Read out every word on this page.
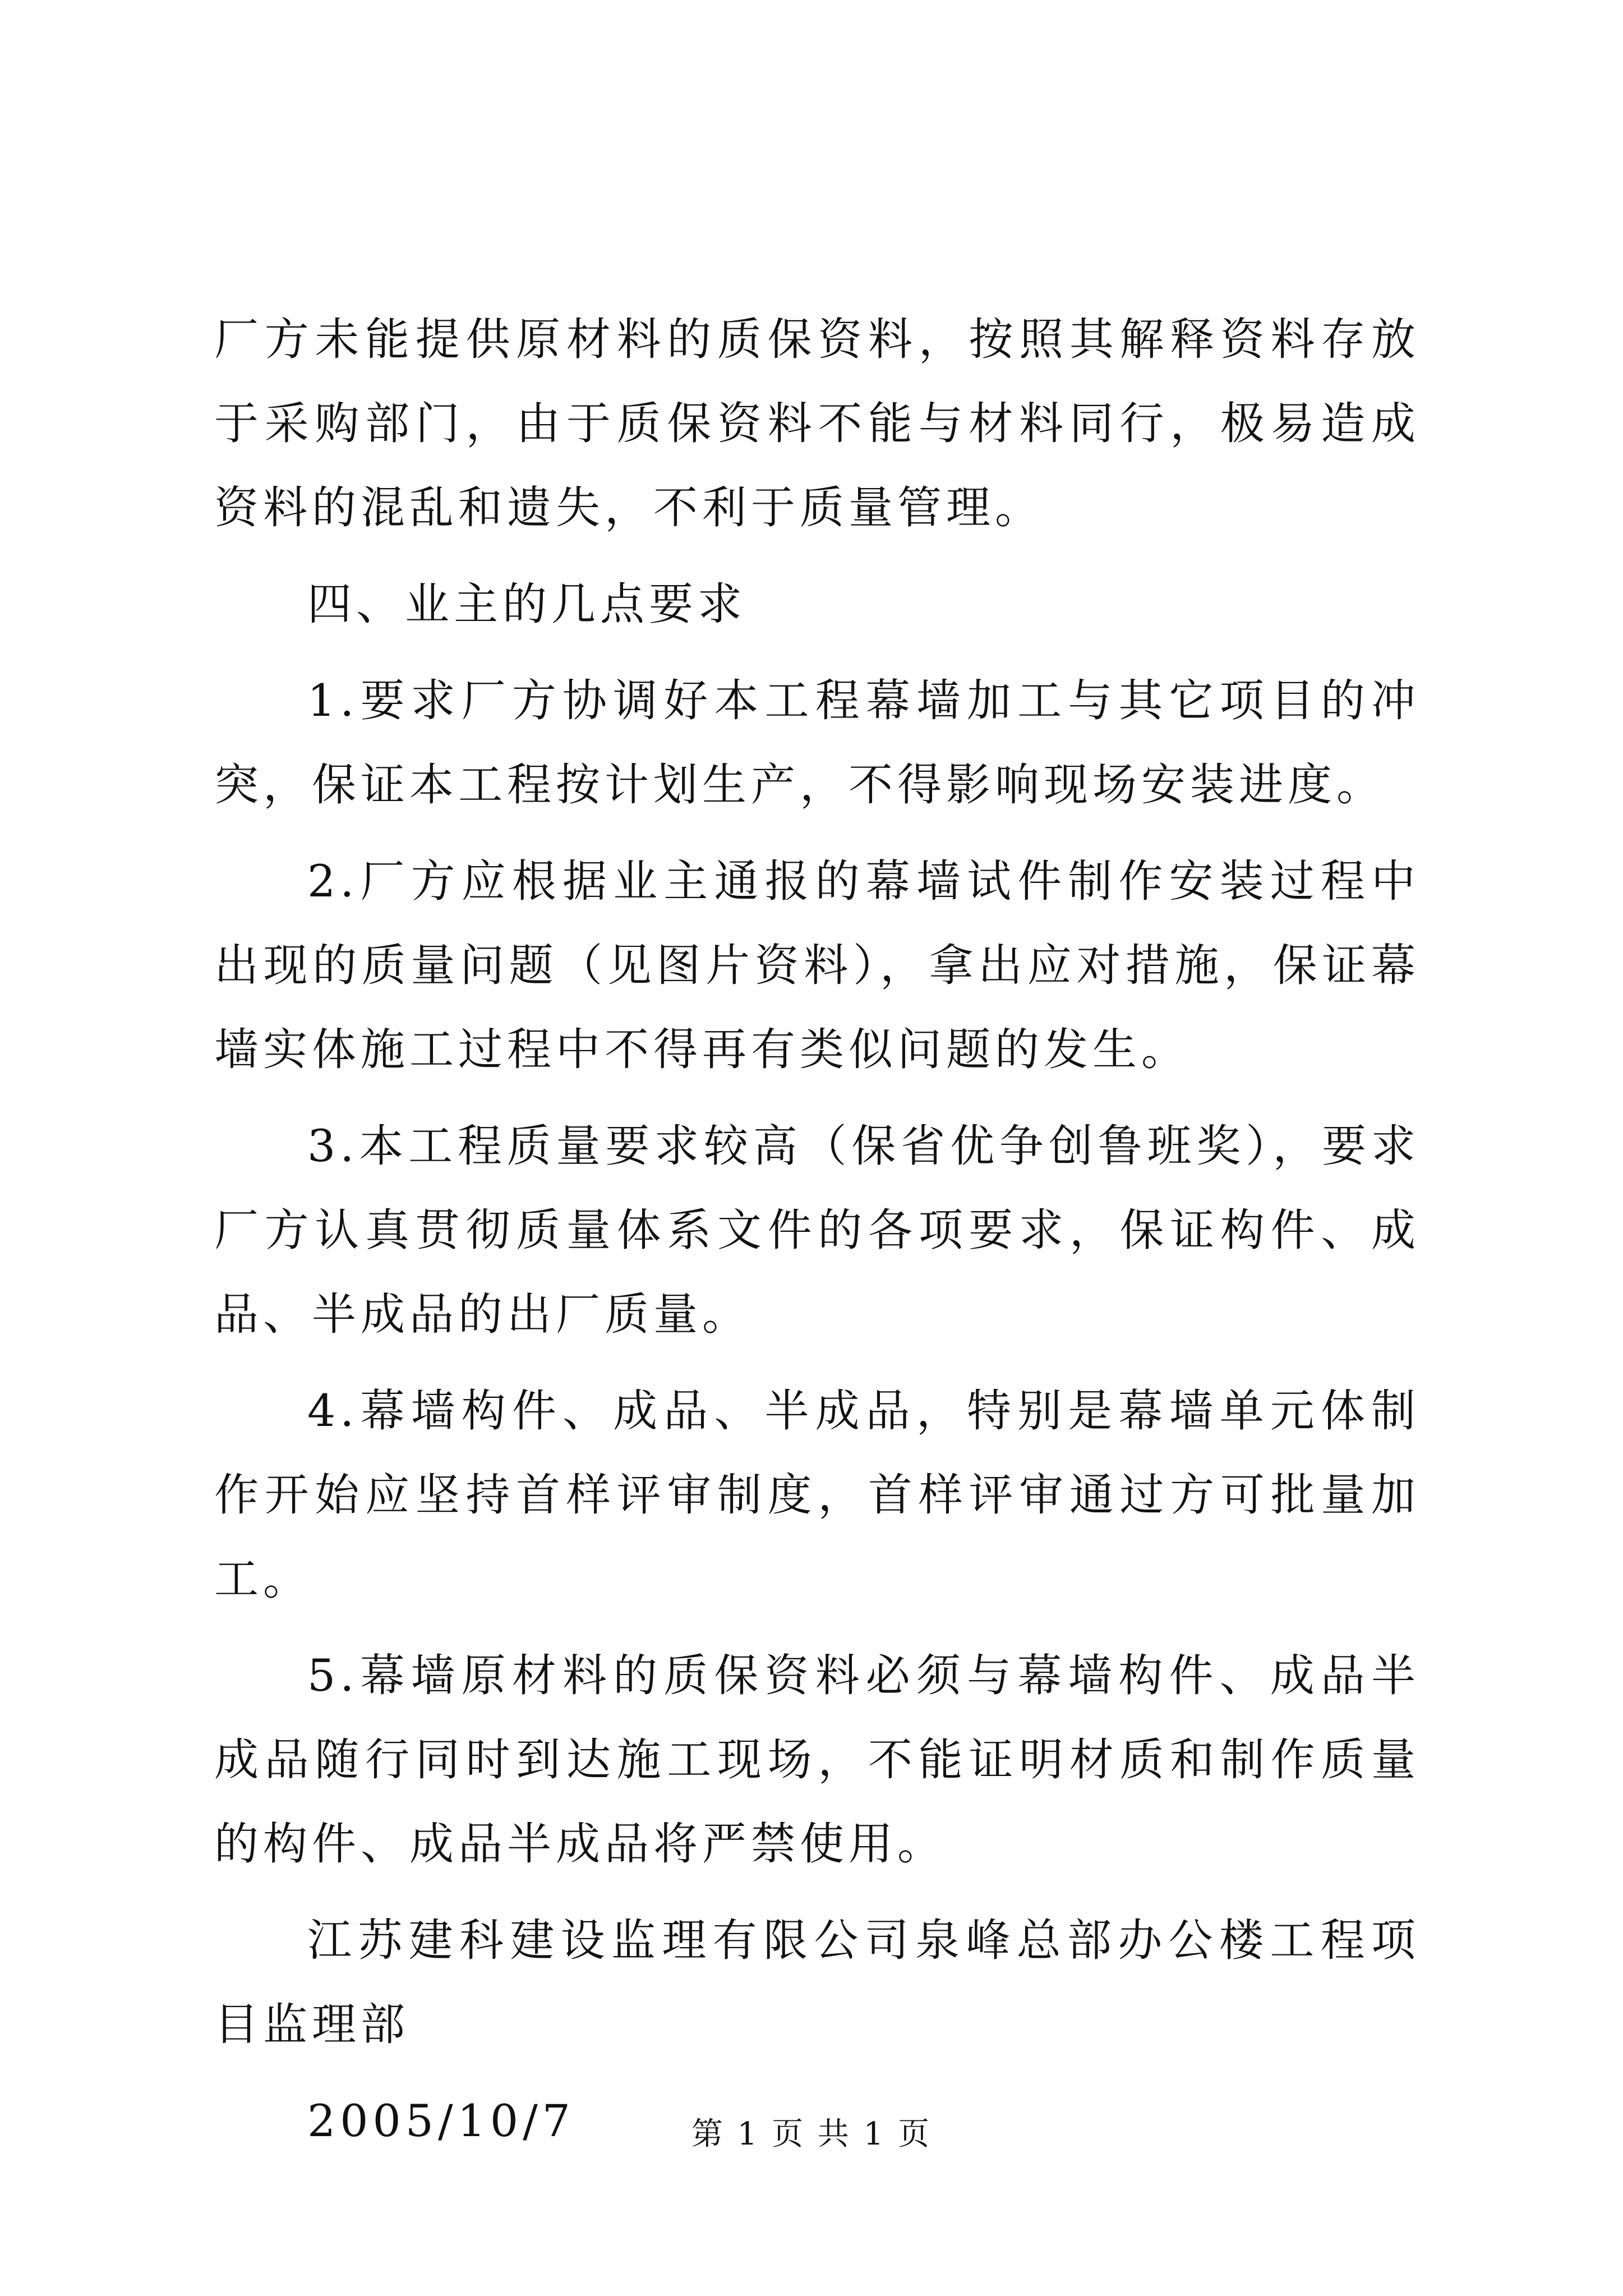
厂方未能提供原材料的质保资料，按照其解释资料存放于采购部门，由于质保资料不能与材料同行，极易造成资料的混乱和遗失，不利于质量管理。

四、业主的几点要求

1.要求厂方协调好本工程幕墙加工与其它项目的冲突，保证本工程按计划生产，不得影响现场安装进度。

2.厂方应根据业主通报的幕墙试件制作安装过程中出现的质量问题（见图片资料），拿出应对措施，保证幕墙实体施工过程中不得再有类似问题的发生。

3.本工程质量要求较高（保省优争创鲁班奖），要求厂方认真贯彻质量体系文件的各项要求，保证构件、成品、半成品的出厂质量。

4.幕墙构件、成品、半成品，特别是幕墙单元体制作开始应坚持首样评审制度，首样评审通过方可批量加工。

5.幕墙原材料的质保资料必须与幕墙构件、成品半成品随行同时到达施工现场，不能证明材质和制作质量的构件、成品半成品将严禁使用。

江苏建科建设监理有限公司泉峰总部办公楼工程项目监理部

2005/10/7	第 1 页 共 1 页
